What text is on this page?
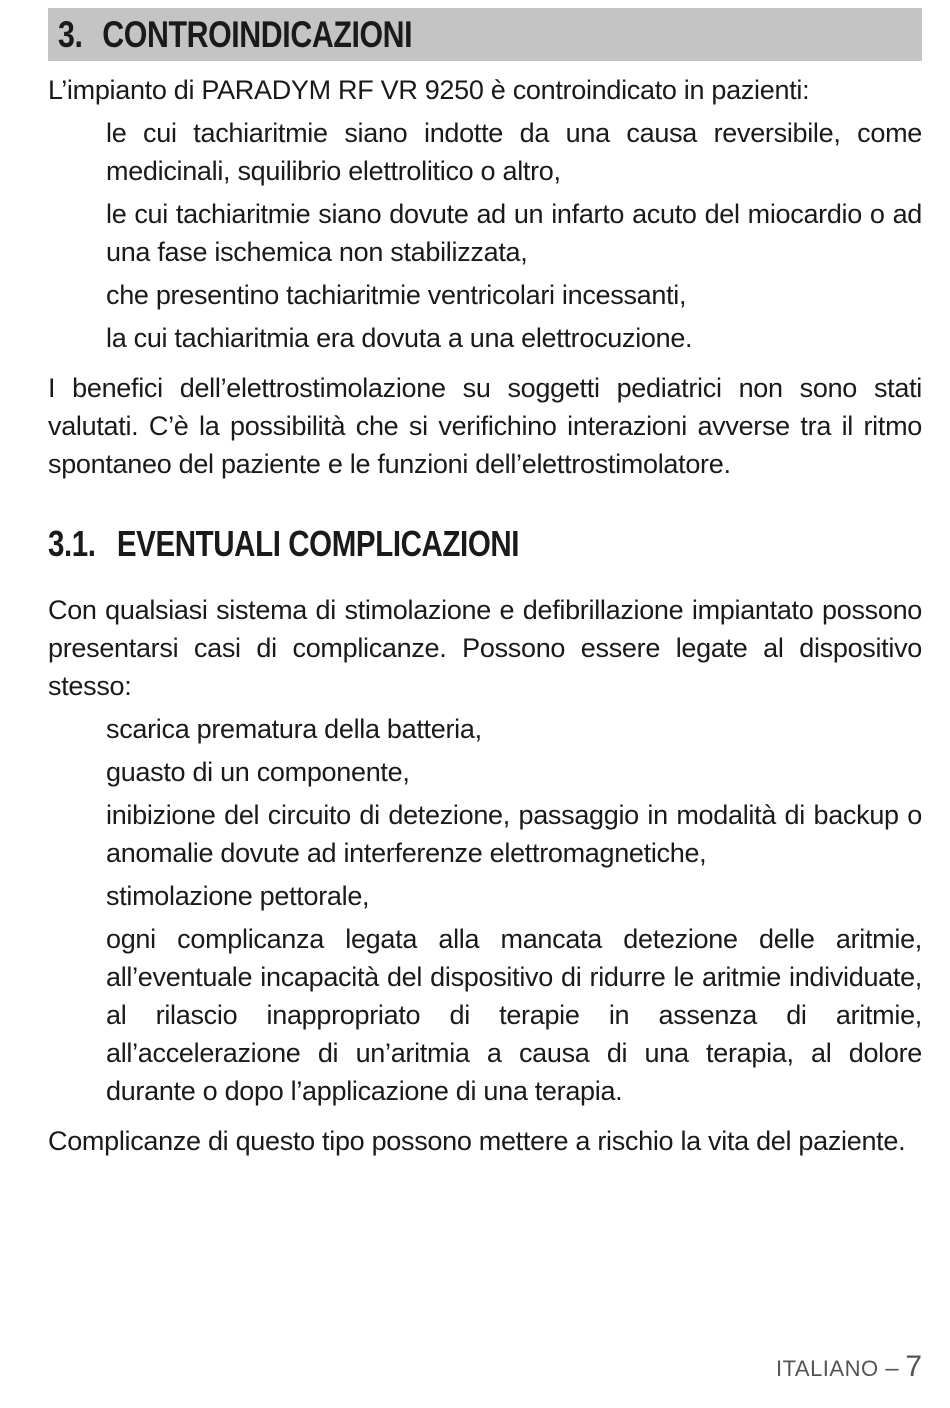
3. CONTROINDICAZIONI

L’impianto di PARADYM RF VR 9250 è controindicato in pazienti:

le cui tachiaritmie siano indotte da una causa reversibile, come medicinali, squilibrio elettrolitico o altro,
le cui tachiaritmie siano dovute ad un infarto acuto del miocardio o ad una fase ischemica non stabilizzata,
che presentino tachiaritmie ventricolari incessanti,
la cui tachiaritmia era dovuta a una elettrocuzione.

I benefici dell’elettrostimolazione su soggetti pediatrici non sono stati valutati. C’è la possibilità che si verifichino interazioni avverse tra il ritmo spontaneo del paziente e le funzioni dell’elettrostimolatore.

3.1. EVENTUALI COMPLICAZIONI

Con qualsiasi sistema di stimolazione e defibrillazione impiantato possono presentarsi casi di complicanze. Possono essere legate al dispositivo stesso:

scarica prematura della batteria,
guasto di un componente,
inibizione del circuito di detezione, passaggio in modalità di backup o anomalie dovute ad interferenze elettromagnetiche,
stimolazione pettorale,
ogni complicanza legata alla mancata detezione delle aritmie, all’eventuale incapacità del dispositivo di ridurre le aritmie individuate, al rilascio inappropriato di terapie in assenza di aritmie, all’accelerazione di un’aritmia a causa di una terapia, al dolore durante o dopo l’applicazione di una terapia.

Complicanze di questo tipo possono mettere a rischio la vita del paziente.

ITALIANO – 7
